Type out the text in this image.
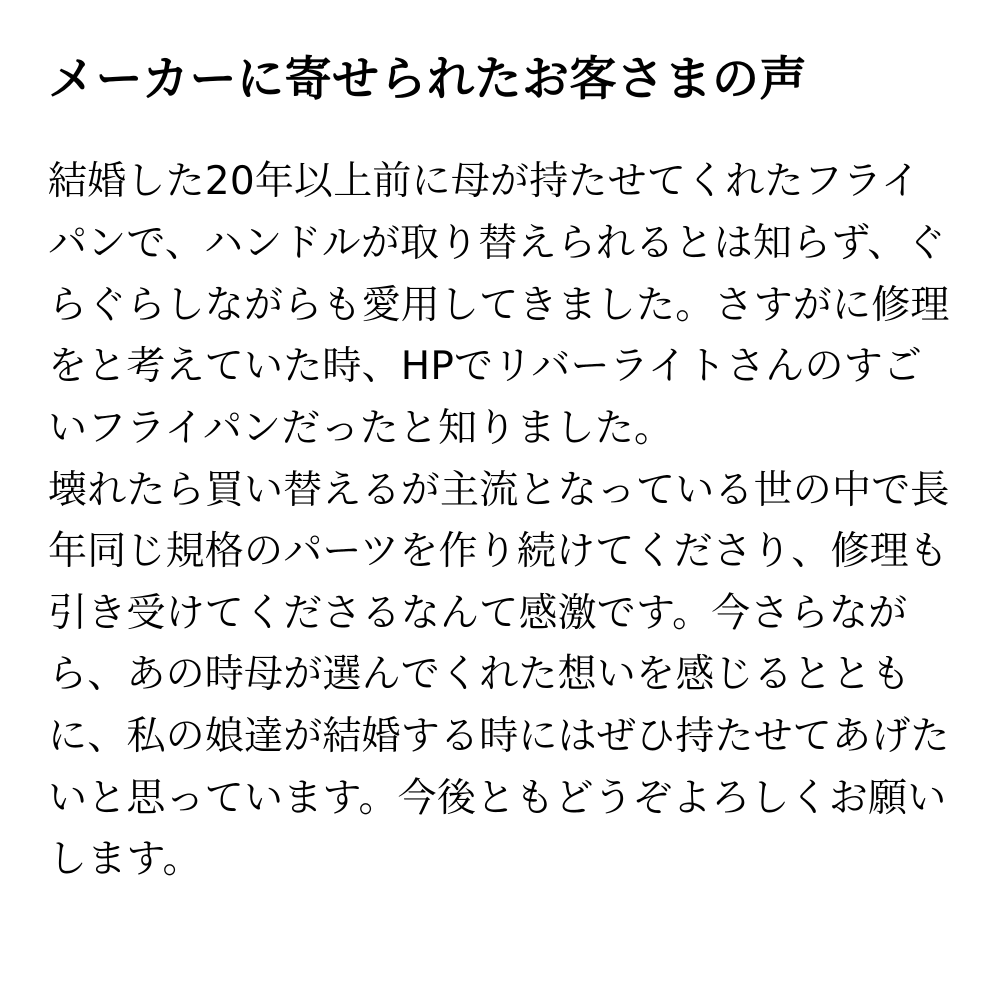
メーカーに寄せられたお客さまの声

結婚した20年以上前に母が持たせてくれたフライパンで、ハンドルが取り替えられるとは知らず、ぐらぐらしながらも愛用してきました。さすがに修理をと考えていた時、HPでリバーライトさんのすごいフライパンだったと知りました。

壊れたら買い替えるが主流となっている世の中で長年同じ規格のパーツを作り続けてくださり、修理も引き受けてくださるなんて感激です。今さらながら、あの時母が選んでくれた想いを感じるとともに、私の娘達が結婚する時にはぜひ持たせてあげたいと思っています。今後ともどうぞよろしくお願いします。
